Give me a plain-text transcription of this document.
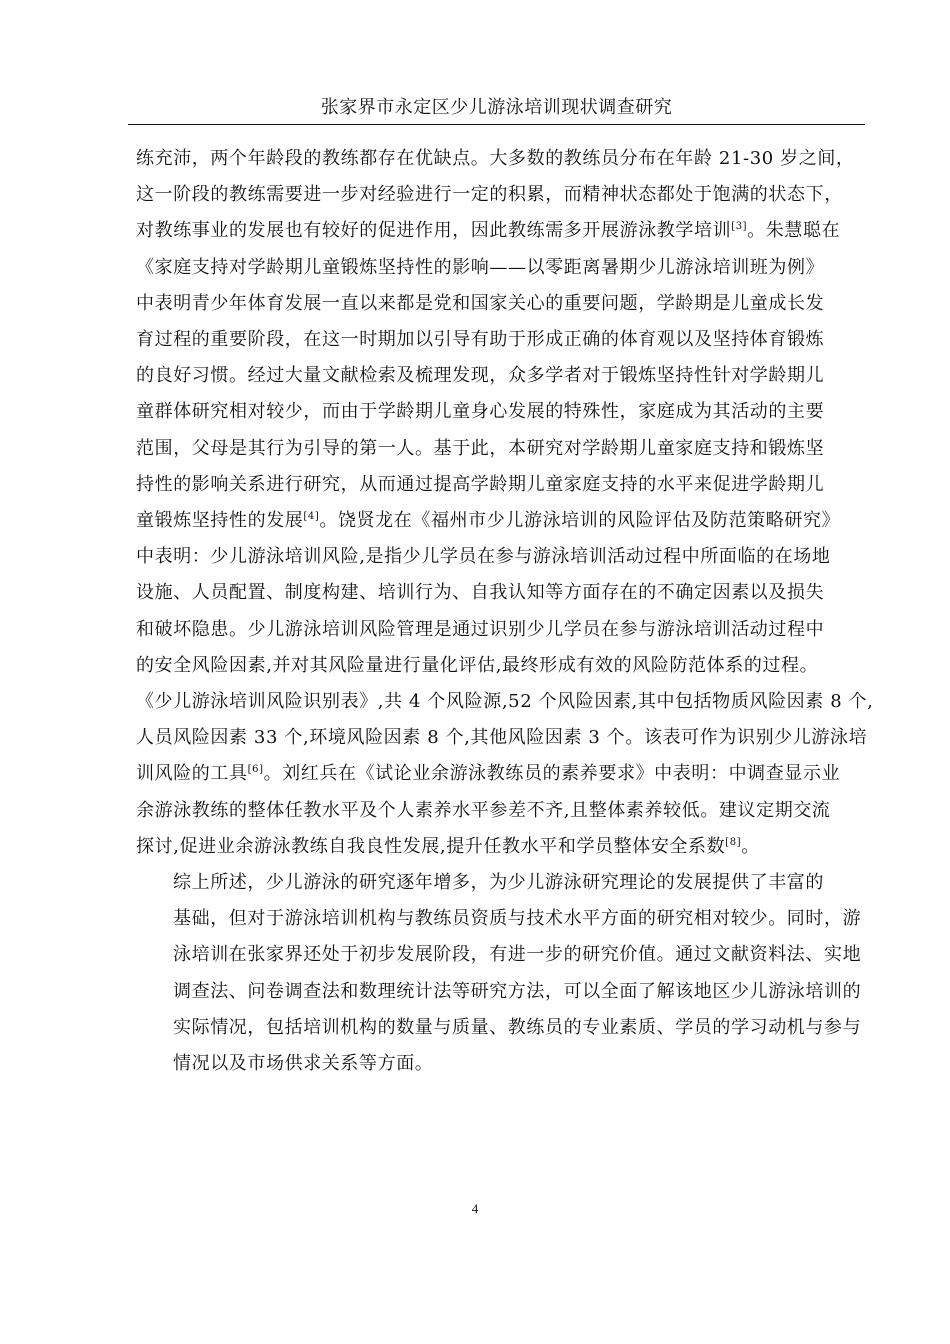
张家界市永定区少儿游泳培训现状调查研究
练充沛，两个年龄段的教练都存在优缺点。大多数的教练员分布在年龄 21-30 岁之间，
这一阶段的教练需要进一步对经验进行一定的积累，而精神状态都处于饱满的状态下，
对教练事业的发展也有较好的促进作用，因此教练需多开展游泳教学培训[3]。朱慧聪在
《家庭支持对学龄期儿童锻炼坚持性的影响——以零距离暑期少儿游泳培训班为例》
中表明青少年体育发展一直以来都是党和国家关心的重要问题，学龄期是儿童成长发
育过程的重要阶段，在这一时期加以引导有助于形成正确的体育观以及坚持体育锻炼
的良好习惯。经过大量文献检索及梳理发现，众多学者对于锻炼坚持性针对学龄期儿
童群体研究相对较少，而由于学龄期儿童身心发展的特殊性，家庭成为其活动的主要
范围，父母是其行为引导的第一人。基于此，本研究对学龄期儿童家庭支持和锻炼坚
持性的影响关系进行研究，从而通过提高学龄期儿童家庭支持的水平来促进学龄期儿
童锻炼坚持性的发展[4]。饶贤龙在《福州市少儿游泳培训的风险评估及防范策略研究》
中表明：少儿游泳培训风险,是指少儿学员在参与游泳培训活动过程中所面临的在场地
设施、人员配置、制度构建、培训行为、自我认知等方面存在的不确定因素以及损失
和破坏隐患。少儿游泳培训风险管理是通过识别少儿学员在参与游泳培训活动过程中
的安全风险因素,并对其风险量进行量化评估,最终形成有效的风险防范体系的过程。
《少儿游泳培训风险识别表》,共 4 个风险源,52 个风险因素,其中包括物质风险因素 8 个,
人员风险因素 33 个,环境风险因素 8 个,其他风险因素 3 个。该表可作为识别少儿游泳培
训风险的工具[6]。刘红兵在《试论业余游泳教练员的素养要求》中表明：中调查显示业
余游泳教练的整体任教水平及个人素养水平参差不齐,且整体素养较低。建议定期交流
探讨,促进业余游泳教练自我良性发展,提升任教水平和学员整体安全系数[8]。
综上所述，少儿游泳的研究逐年增多，为少儿游泳研究理论的发展提供了丰富的
基础，但对于游泳培训机构与教练员资质与技术水平方面的研究相对较少。同时，游
泳培训在张家界还处于初步发展阶段，有进一步的研究价值。通过文献资料法、实地
调查法、问卷调查法和数理统计法等研究方法，可以全面了解该地区少儿游泳培训的
实际情况，包括培训机构的数量与质量、教练员的专业素质、学员的学习动机与参与
情况以及市场供求关系等方面。
4
